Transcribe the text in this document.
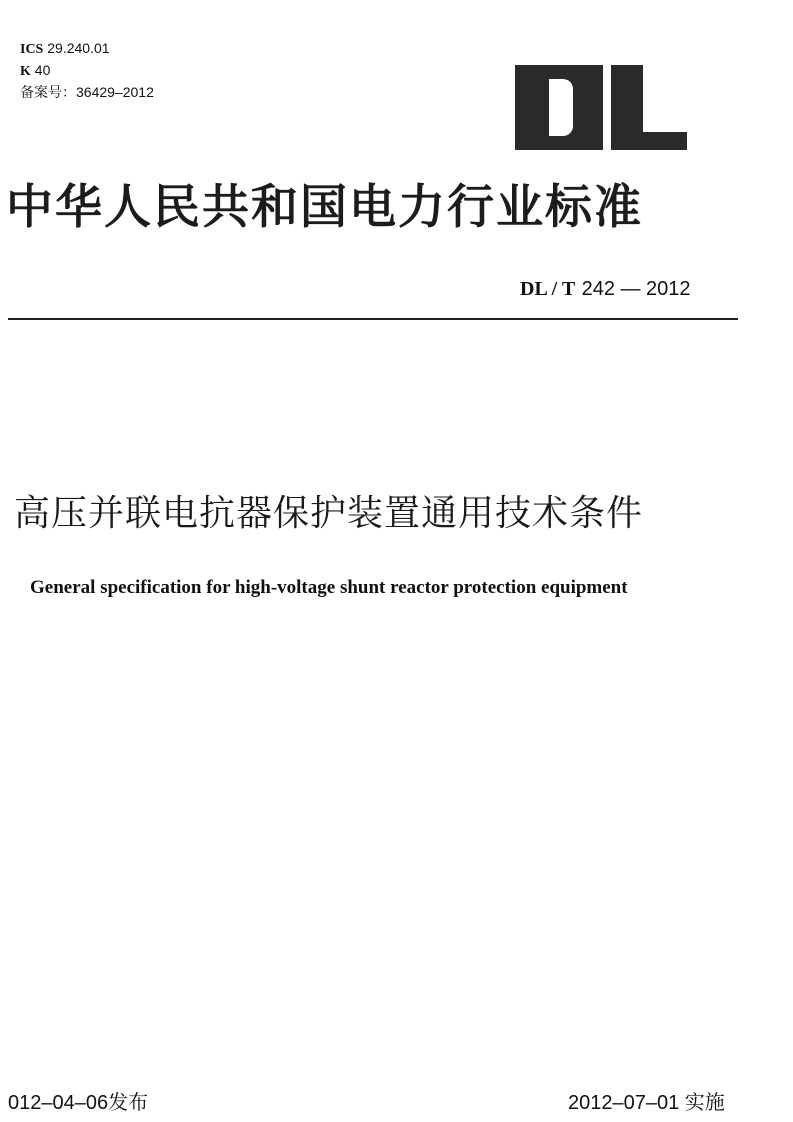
ICS 29.240.01
K 40
备案号：36429–2012
中华人民共和国电力行业标准
DL / T 242 — 2012
高压并联电抗器保护装置通用技术条件
General specification for high-voltage shunt reactor protection equipment
012–04–06发布	2012–07–01 实施
